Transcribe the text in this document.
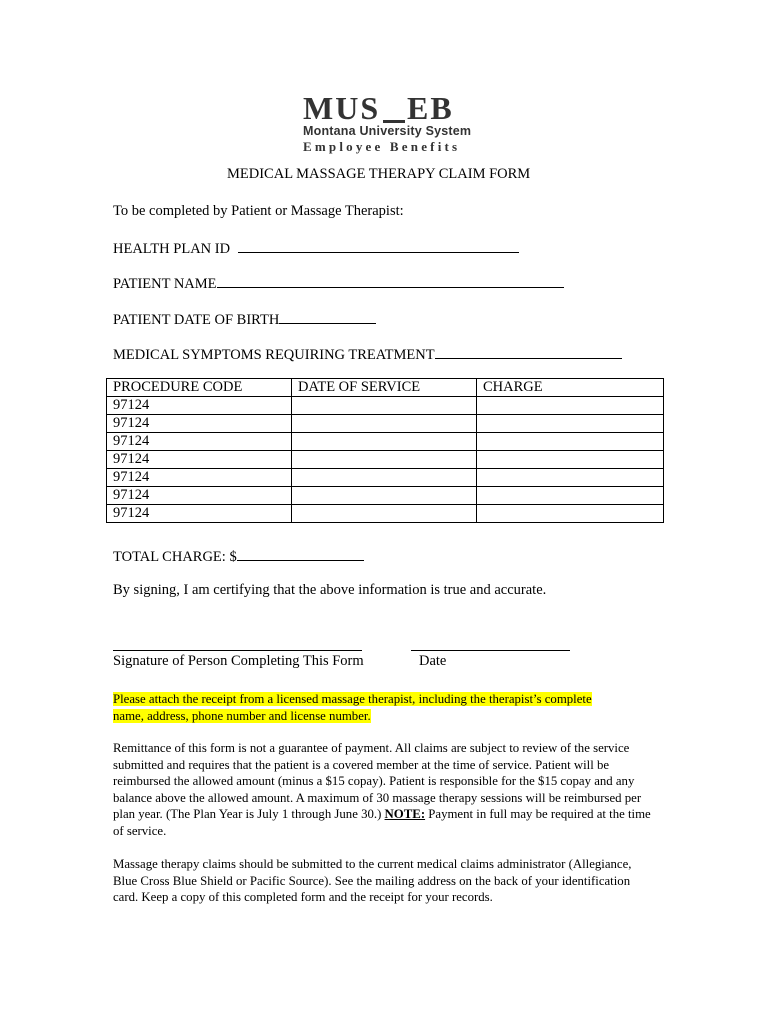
MUS EB
Montana University System
Employee Benefits
MEDICAL MASSAGE THERAPY CLAIM FORM
To be completed by Patient or Massage Therapist:
HEALTH PLAN ID
PATIENT NAME
PATIENT DATE OF BIRTH
MEDICAL SYMPTOMS REQUIRING TREATMENT
PROCEDURE CODE	DATE OF SERVICE	CHARGE
97124		
97124		
97124		
97124		
97124		
97124		
97124		
TOTAL CHARGE: $
By signing, I am certifying that the above information is true and accurate.
Signature of Person Completing This Form	Date
Please attach the receipt from a licensed massage therapist, including the therapist’s complete
name, address, phone number and license number.
Remittance of this form is not a guarantee of payment. All claims are subject to review of the service submitted and requires that the patient is a covered member at the time of service. Patient will be reimbursed the allowed amount (minus a $15 copay). Patient is responsible for the $15 copay and any balance above the allowed amount. A maximum of 30 massage therapy sessions will be reimbursed per plan year. (The Plan Year is July 1 through June 30.) NOTE: Payment in full may be required at the time of service.
Massage therapy claims should be submitted to the current medical claims administrator (Allegiance, Blue Cross Blue Shield or Pacific Source). See the mailing address on the back of your identification card. Keep a copy of this completed form and the receipt for your records.
